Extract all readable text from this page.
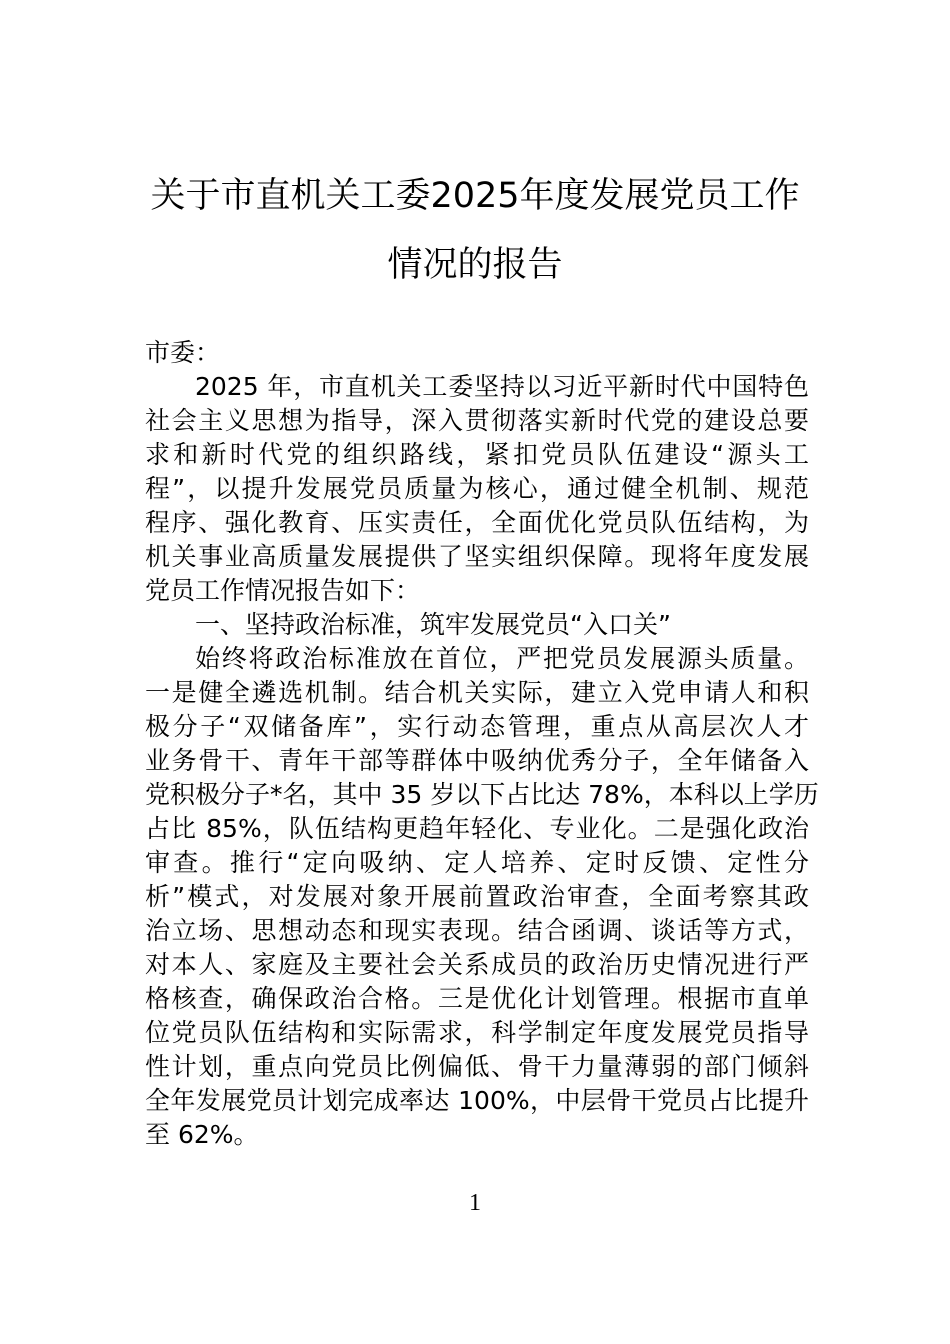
关于市直机关工委2025年度发展党员工作
情况的报告
市委：
2025 年，市直机关工委坚持以习近平新时代中国特色
社会主义思想为指导，深入贯彻落实新时代党的建设总要
求和新时代党的组织路线，紧扣党员队伍建设“源头工
程”，以提升发展党员质量为核心，通过健全机制、规范
程序、强化教育、压实责任，全面优化党员队伍结构，为
机关事业高质量发展提供了坚实组织保障。现将年度发展
党员工作情况报告如下：
一、坚持政治标准，筑牢发展党员“入口关”
始终将政治标准放在首位，严把党员发展源头质量。
一是健全遴选机制。结合机关实际，建立入党申请人和积
极分子“双储备库”，实行动态管理，重点从高层次人才
业务骨干、青年干部等群体中吸纳优秀分子，全年储备入
党积极分子*名，其中 35 岁以下占比达 78%，本科以上学历
占比 85%，队伍结构更趋年轻化、专业化。二是强化政治
审查。推行“定向吸纳、定人培养、定时反馈、定性分
析”模式，对发展对象开展前置政治审查，全面考察其政
治立场、思想动态和现实表现。结合函调、谈话等方式，
对本人、家庭及主要社会关系成员的政治历史情况进行严
格核查，确保政治合格。三是优化计划管理。根据市直单
位党员队伍结构和实际需求，科学制定年度发展党员指导
性计划，重点向党员比例偏低、骨干力量薄弱的部门倾斜
全年发展党员计划完成率达 100%，中层骨干党员占比提升
至 62%。
1
